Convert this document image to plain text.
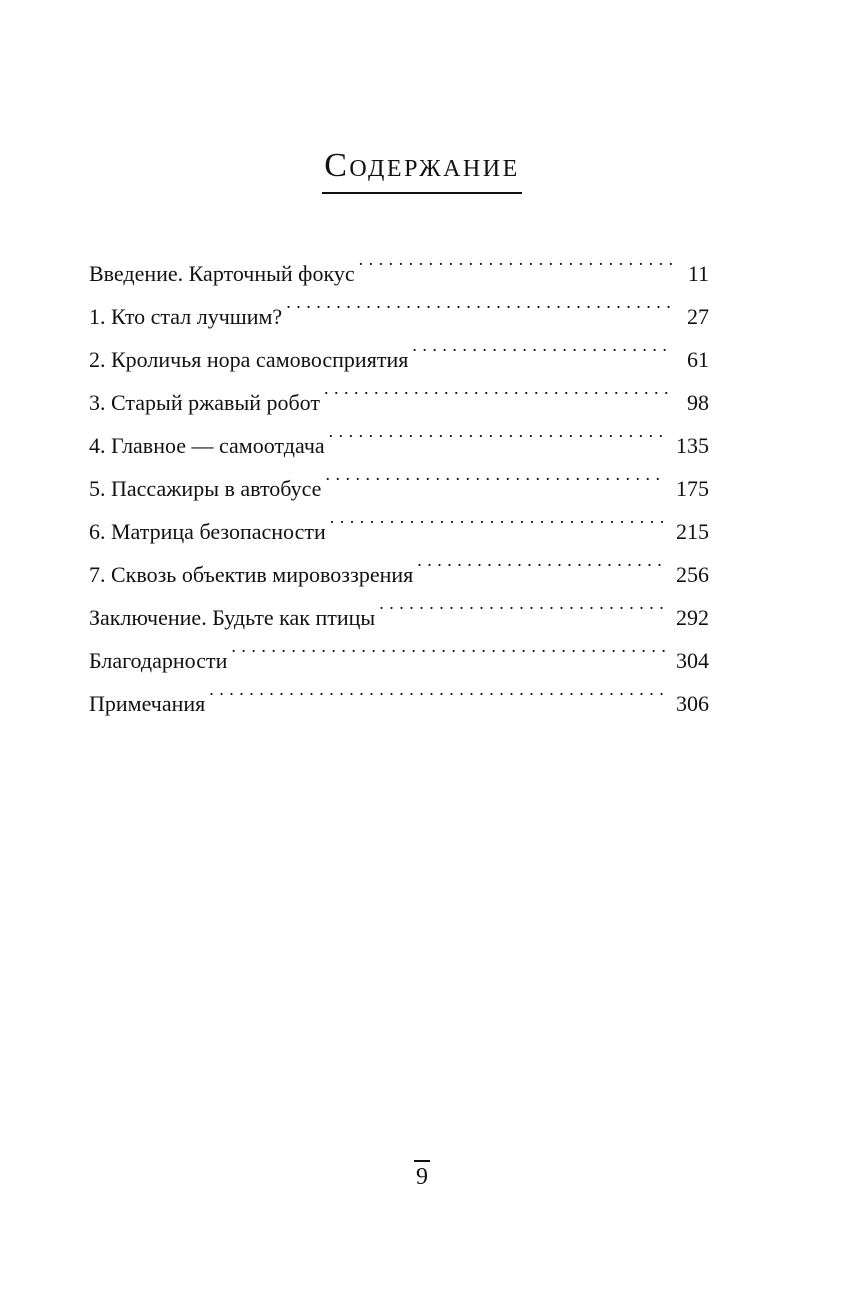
Содержание
Введение. Карточный фокус . . .	11
1. Кто стал лучшим? . . .	27
2. Кроличья нора самовосприятия . . .	61
3. Старый ржавый робот . . .	98
4. Главное — самоотдача . . .	135
5. Пассажиры в автобусе . . .	175
6. Матрица безопасности . . .	215
7. Сквозь объектив мировоззрения . . .	256
Заключение. Будьте как птицы . . .	292
Благодарности . . .	304
Примечания . . .	306
9
